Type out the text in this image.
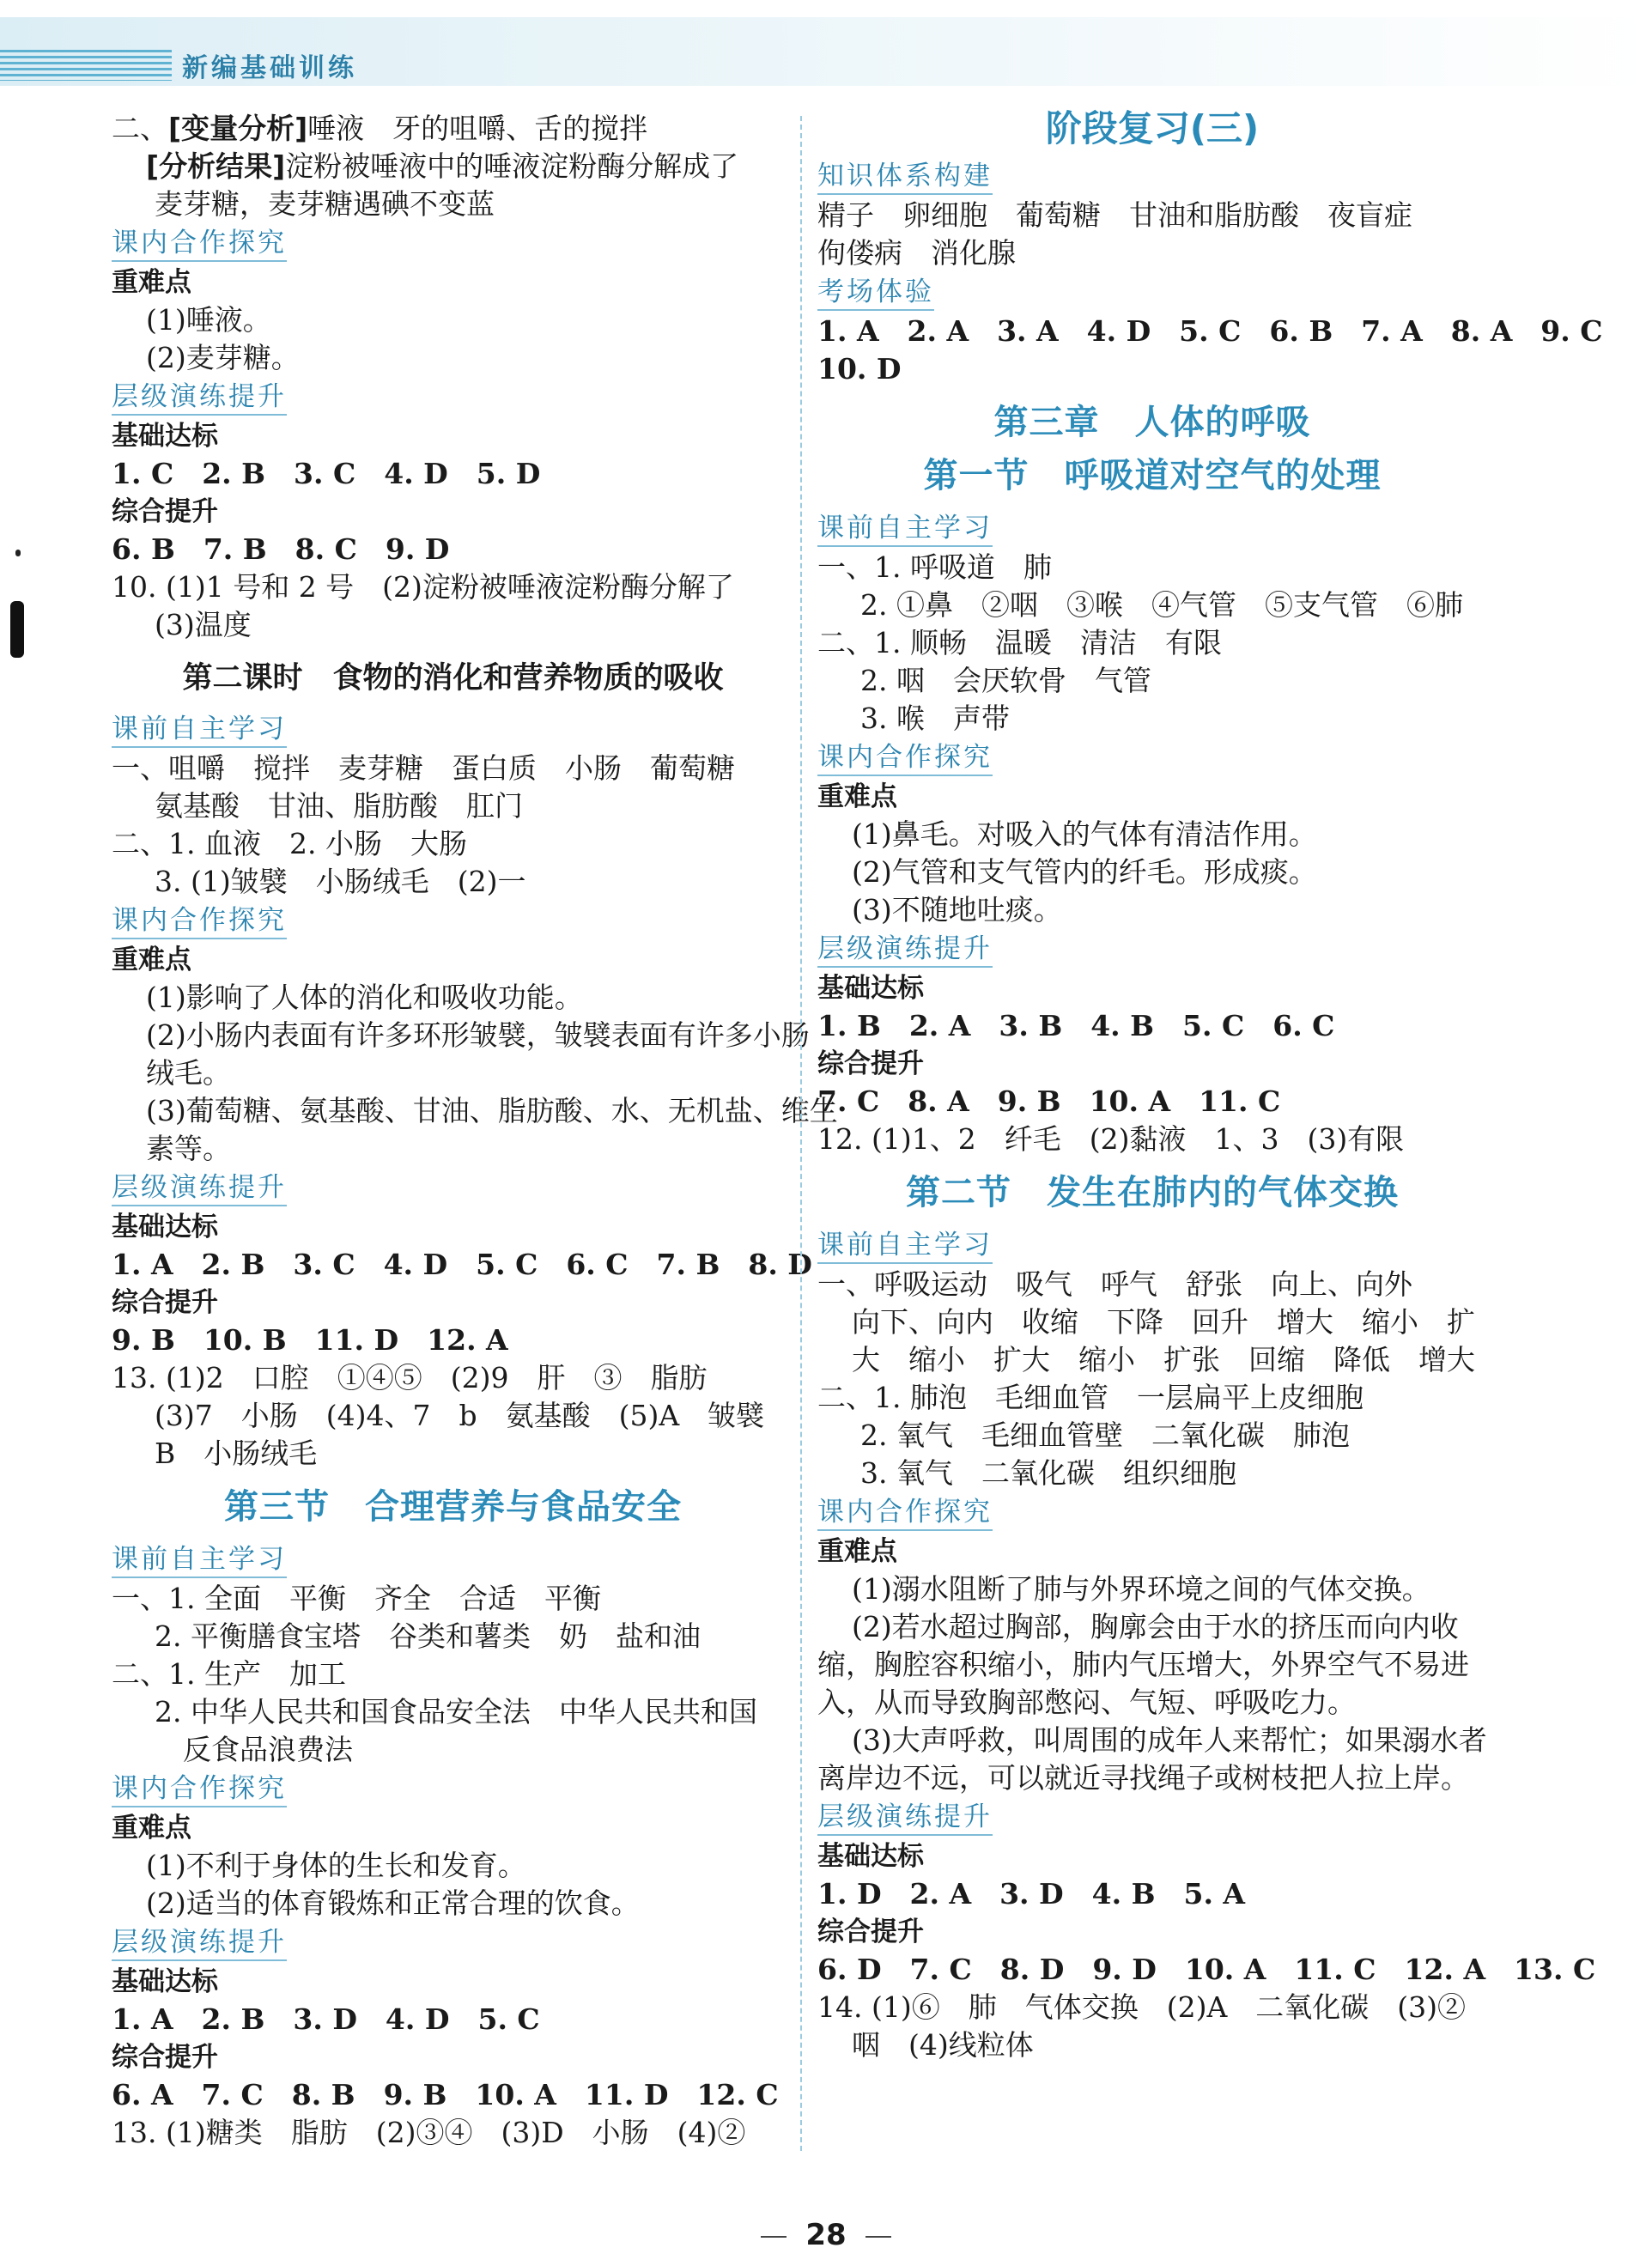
新编基础训练
二、[变量分析]唾液　牙的咀嚼、舌的搅拌
[分析结果]淀粉被唾液中的唾液淀粉酶分解成了
麦芽糖，麦芽糖遇碘不变蓝
课内合作探究
重难点
(1)唾液。
(2)麦芽糖。
层级演练提升
基础达标
1. C　2. B　3. C　4. D　5. D
综合提升
6. B　7. B　8. C　9. D
10. (1)1 号和 2 号　(2)淀粉被唾液淀粉酶分解了
(3)温度
第二课时　食物的消化和营养物质的吸收
课前自主学习
一、咀嚼　搅拌　麦芽糖　蛋白质　小肠　葡萄糖
氨基酸　甘油、脂肪酸　肛门
二、1. 血液　2. 小肠　大肠
3. (1)皱襞　小肠绒毛　(2)一
课内合作探究
重难点
(1)影响了人体的消化和吸收功能。
(2)小肠内表面有许多环形皱襞，皱襞表面有许多小肠
绒毛。
(3)葡萄糖、氨基酸、甘油、脂肪酸、水、无机盐、维生
素等。
层级演练提升
基础达标
1. A　2. B　3. C　4. D　5. C　6. C　7. B　8. D
综合提升
9. B　10. B　11. D　12. A
13. (1)2　口腔　①④⑤　(2)9　肝　③　脂肪
(3)7　小肠　(4)4、7　b　氨基酸　(5)A　皱襞
B　小肠绒毛
第三节　合理营养与食品安全
课前自主学习
一、1. 全面　平衡　齐全　合适　平衡
2. 平衡膳食宝塔　谷类和薯类　奶　盐和油
二、1. 生产　加工
2. 中华人民共和国食品安全法　中华人民共和国
　反食品浪费法
课内合作探究
重难点
(1)不利于身体的生长和发育。
(2)适当的体育锻炼和正常合理的饮食。
层级演练提升
基础达标
1. A　2. B　3. D　4. D　5. C
综合提升
6. A　7. C　8. B　9. B　10. A　11. D　12. C
13. (1)糖类　脂肪　(2)③④　(3)D　小肠　(4)②
阶段复习(三)
知识体系构建
精子　卵细胞　葡萄糖　甘油和脂肪酸　夜盲症
佝偻病　消化腺
考场体验
1. A　2. A　3. A　4. D　5. C　6. B　7. A　8. A　9. C
10. D
第三章　人体的呼吸
第一节　呼吸道对空气的处理
课前自主学习
一、1. 呼吸道　肺
2. ①鼻　②咽　③喉　④气管　⑤支气管　⑥肺
二、1. 顺畅　温暖　清洁　有限
2. 咽　会厌软骨　气管
3. 喉　声带
课内合作探究
重难点
(1)鼻毛。对吸入的气体有清洁作用。
(2)气管和支气管内的纤毛。形成痰。
(3)不随地吐痰。
层级演练提升
基础达标
1. B　2. A　3. B　4. B　5. C　6. C
综合提升
7. C　8. A　9. B　10. A　11. C
12. (1)1、2　纤毛　(2)黏液　1、3　(3)有限
第二节　发生在肺内的气体交换
课前自主学习
一、呼吸运动　吸气　呼气　舒张　向上、向外
向下、向内　收缩　下降　回升　增大　缩小　扩
大　缩小　扩大　缩小　扩张　回缩　降低　增大
二、1. 肺泡　毛细血管　一层扁平上皮细胞
2. 氧气　毛细血管壁　二氧化碳　肺泡
3. 氧气　二氧化碳　组织细胞
课内合作探究
重难点
(1)溺水阻断了肺与外界环境之间的气体交换。
(2)若水超过胸部，胸廓会由于水的挤压而向内收
缩，胸腔容积缩小，肺内气压增大，外界空气不易进
入，从而导致胸部憋闷、气短、呼吸吃力。
(3)大声呼救，叫周围的成年人来帮忙；如果溺水者
离岸边不远，可以就近寻找绳子或树枝把人拉上岸。
层级演练提升
基础达标
1. D　2. A　3. D　4. B　5. A
综合提升
6. D　7. C　8. D　9. D　10. A　11. C　12. A　13. C
14. (1)⑥　肺　气体交换　(2)A　二氧化碳　(3)②
咽　(4)线粒体
28
